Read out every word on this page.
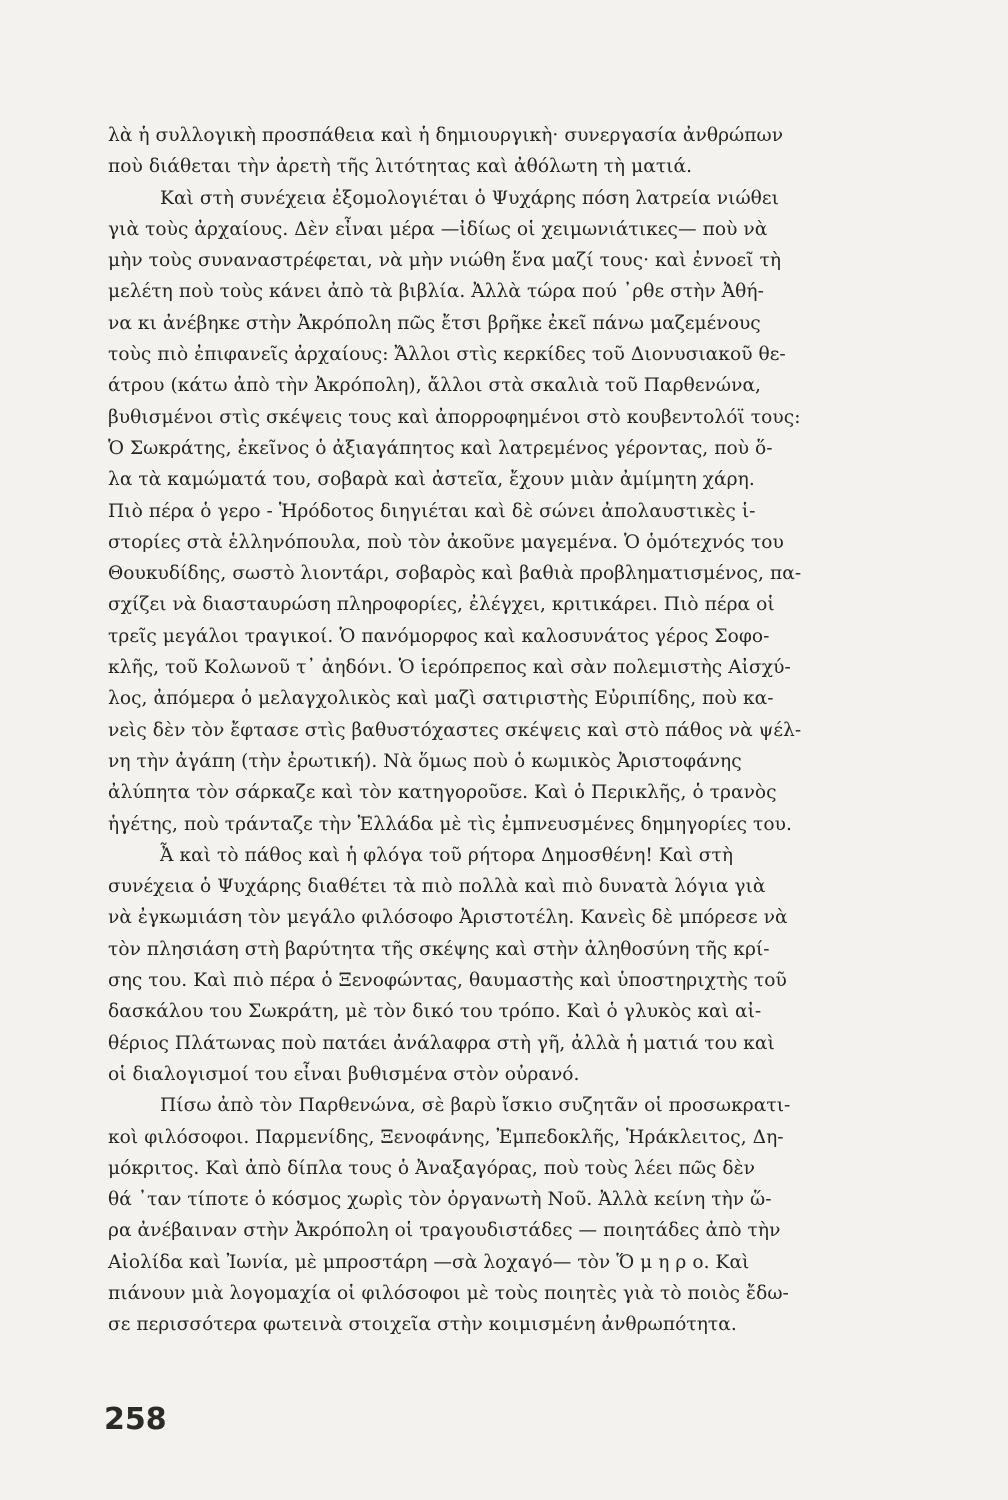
λὰ ἡ συλλογικὴ προσπάθεια καὶ ἡ δημιουργικὴ· συνεργασία ἀνθρώπων
ποὺ διάθεται τὴν ἀρετὴ τῆς λιτότητας καὶ ἀθόλωτη τὴ ματιά.
Καὶ στὴ συνέχεια ἐξομολογιέται ὁ Ψυχάρης πόση λατρεία νιώθει
γιὰ τοὺς ἀρχαίους. Δὲν εἶναι μέρα —ἰδίως οἱ χειμωνιάτικες— ποὺ νὰ
μὴν τοὺς συναναστρέφεται, νὰ μὴν νιώθη ἕνα μαζί τους· καὶ ἐννοεῖ τὴ
μελέτη ποὺ τοὺς κάνει ἀπὸ τὰ βιβλία. Ἀλλὰ τώρα πού ᾿ρθε στὴν Ἀθή-
να κι ἀνέβηκε στὴν Ἀκρόπολη πῶς ἔτσι βρῆκε ἐκεῖ πάνω μαζεμένους
τοὺς πιὸ ἐπιφανεῖς ἀρχαίους: Ἄλλοι στὶς κερκίδες τοῦ Διονυσιακοῦ θε-
άτρου (κάτω ἀπὸ τὴν Ἀκρόπολη), ἄλλοι στὰ σκαλιὰ τοῦ Παρθενώνα,
βυθισμένοι στὶς σκέψεις τους καὶ ἀπορροφημένοι στὸ κουβεντολόϊ τους:
Ὁ Σωκράτης, ἐκεῖνος ὁ ἀξιαγάπητος καὶ λατρεμένος γέροντας, ποὺ ὅ-
λα τὰ καμώματά του, σοβαρὰ καὶ ἀστεῖα, ἔχουν μιὰν ἀμίμητη χάρη.
Πιὸ πέρα ὁ γερο - Ἡρόδοτος διηγιέται καὶ δὲ σώνει ἀπολαυστικὲς ἱ-
στορίες στὰ ἑλληνόπουλα, ποὺ τὸν ἀκοῦνε μαγεμένα. Ὁ ὁμότεχνός του
Θουκυδίδης, σωστὸ λιοντάρι, σοβαρὸς καὶ βαθιὰ προβληματισμένος, πα-
σχίζει νὰ διασταυρώση πληροφορίες, ἐλέγχει, κριτικάρει. Πιὸ πέρα οἱ
τρεῖς μεγάλοι τραγικοί. Ὁ πανόμορφος καὶ καλοσυνάτος γέρος Σοφο-
κλῆς, τοῦ Κολωνοῦ τ᾿ ἀηδόνι. Ὁ ἱερόπρεπος καὶ σὰν πολεμιστὴς Αἰσχύ-
λος, ἀπόμερα ὁ μελαγχολικὸς καὶ μαζὶ σατιριστὴς Εὐριπίδης, ποὺ κα-
νεὶς δὲν τὸν ἔφτασε στὶς βαθυστόχαστες σκέψεις καὶ στὸ πάθος νὰ ψέλ-
νη τὴν ἀγάπη (τὴν ἐρωτική). Νὰ ὅμως ποὺ ὁ κωμικὸς Ἀριστοφάνης
ἀλύπητα τὸν σάρκαζε καὶ τὸν κατηγοροῦσε. Καὶ ὁ Περικλῆς, ὁ τρανὸς
ἡγέτης, ποὺ τράνταζε τὴν Ἑλλάδα μὲ τὶς ἐμπνευσμένες δημηγορίες του.
Ἆ καὶ τὸ πάθος καὶ ἡ φλόγα τοῦ ρήτορα Δημοσθένη! Καὶ στὴ
συνέχεια ὁ Ψυχάρης διαθέτει τὰ πιὸ πολλὰ καὶ πιὸ δυνατὰ λόγια γιὰ
νὰ ἐγκωμιάση τὸν μεγάλο φιλόσοφο Ἀριστοτέλη. Κανεὶς δὲ μπόρεσε νὰ
τὸν πλησιάση στὴ βαρύτητα τῆς σκέψης καὶ στὴν ἀληθοσύνη τῆς κρί-
σης του. Καὶ πιὸ πέρα ὁ Ξενοφώντας, θαυμαστὴς καὶ ὑποστηριχτὴς τοῦ
δασκάλου του Σωκράτη, μὲ τὸν δικό του τρόπο. Καὶ ὁ γλυκὸς καὶ αἰ-
θέριος Πλάτωνας ποὺ πατάει ἀνάλαφρα στὴ γῆ, ἀλλὰ ἡ ματιά του καὶ
οἱ διαλογισμοί του εἶναι βυθισμένα στὸν οὐρανό.
Πίσω ἀπὸ τὸν Παρθενώνα, σὲ βαρὺ ἴσκιο συζητᾶν οἱ προσωκρατι-
κοὶ φιλόσοφοι. Παρμενίδης, Ξενοφάνης, Ἐμπεδοκλῆς, Ἡράκλειτος, Δη-
μόκριτος. Καὶ ἀπὸ δίπλα τους ὁ Ἀναξαγόρας, ποὺ τοὺς λέει πῶς δὲν
θά ᾿ταν τίποτε ὁ κόσμος χωρὶς τὸν ὀργανωτὴ Νοῦ. Ἀλλὰ κείνη τὴν ὥ-
ρα ἀνέβαιναν στὴν Ἀκρόπολη οἱ τραγουδιστάδες — ποιητάδες ἀπὸ τὴν
Αἰολίδα καὶ Ἰωνία, μὲ μπροστάρη —σὰ λοχαγό— τὸν Ὅ μ η ρ ο. Καὶ
πιάνουν μιὰ λογομαχία οἱ φιλόσοφοι μὲ τοὺς ποιητὲς γιὰ τὸ ποιὸς ἔδω-
σε περισσότερα φωτεινὰ στοιχεῖα στὴν κοιμισμένη ἀνθρωπότητα.
258
